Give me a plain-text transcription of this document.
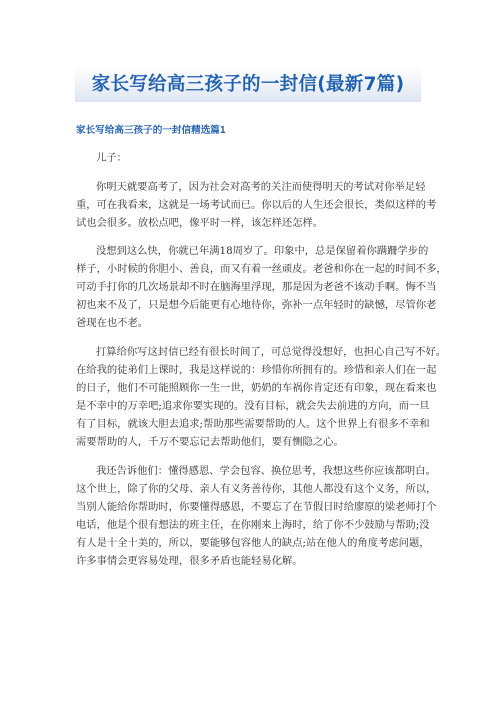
家长写给高三孩子的一封信(最新7篇)
家长写给高三孩子的一封信精选篇1
儿子：
你明天就要高考了，因为社会对高考的关注而使得明天的考试对你举足轻
重，可在我看来，这就是一场考试而已。你以后的人生还会很长，类似这样的考
试也会很多。放松点吧，像平时一样，该怎样还怎样。
没想到这么快，你就已年满18周岁了。印象中，总是保留着你蹒跚学步的
样子，小时候的你胆小、善良，而又有着一丝顽皮。老爸和你在一起的时间不多，
可动手打你的几次场景却不时在脑海里浮现，那是因为老爸不该动手啊。悔不当
初也来不及了，只是想今后能更有心地待你，弥补一点年轻时的缺憾，尽管你老
爸现在也不老。
打算给你写这封信已经有很长时间了，可总觉得没想好，也担心自己写不好。
在给我的徒弟们上课时，我是这样说的：珍惜你所拥有的。珍惜和亲人们在一起
的日子，他们不可能照顾你一生一世，奶奶的车祸你肯定还有印象，现在看来也
是不幸中的万幸吧;追求你要实现的。没有目标，就会失去前进的方向，而一旦
有了目标，就该大胆去追求;帮助那些需要帮助的人。这个世界上有很多不幸和
需要帮助的人，千万不要忘记去帮助他们，要有恻隐之心。
我还告诉他们：懂得感恩、学会包容、换位思考，我想这些你应该都明白。
这个世上，除了你的父母、亲人有义务善待你，其他人都没有这个义务，所以，
当别人能给你帮助时，你要懂得感恩，不要忘了在节假日时给廖原的梁老师打个
电话，他是个很有想法的班主任，在你刚来上海时，给了你不少鼓励与帮助;没
有人是十全十美的，所以，要能够包容他人的缺点;站在他人的角度考虑问题，
许多事情会更容易处理，很多矛盾也能轻易化解。
